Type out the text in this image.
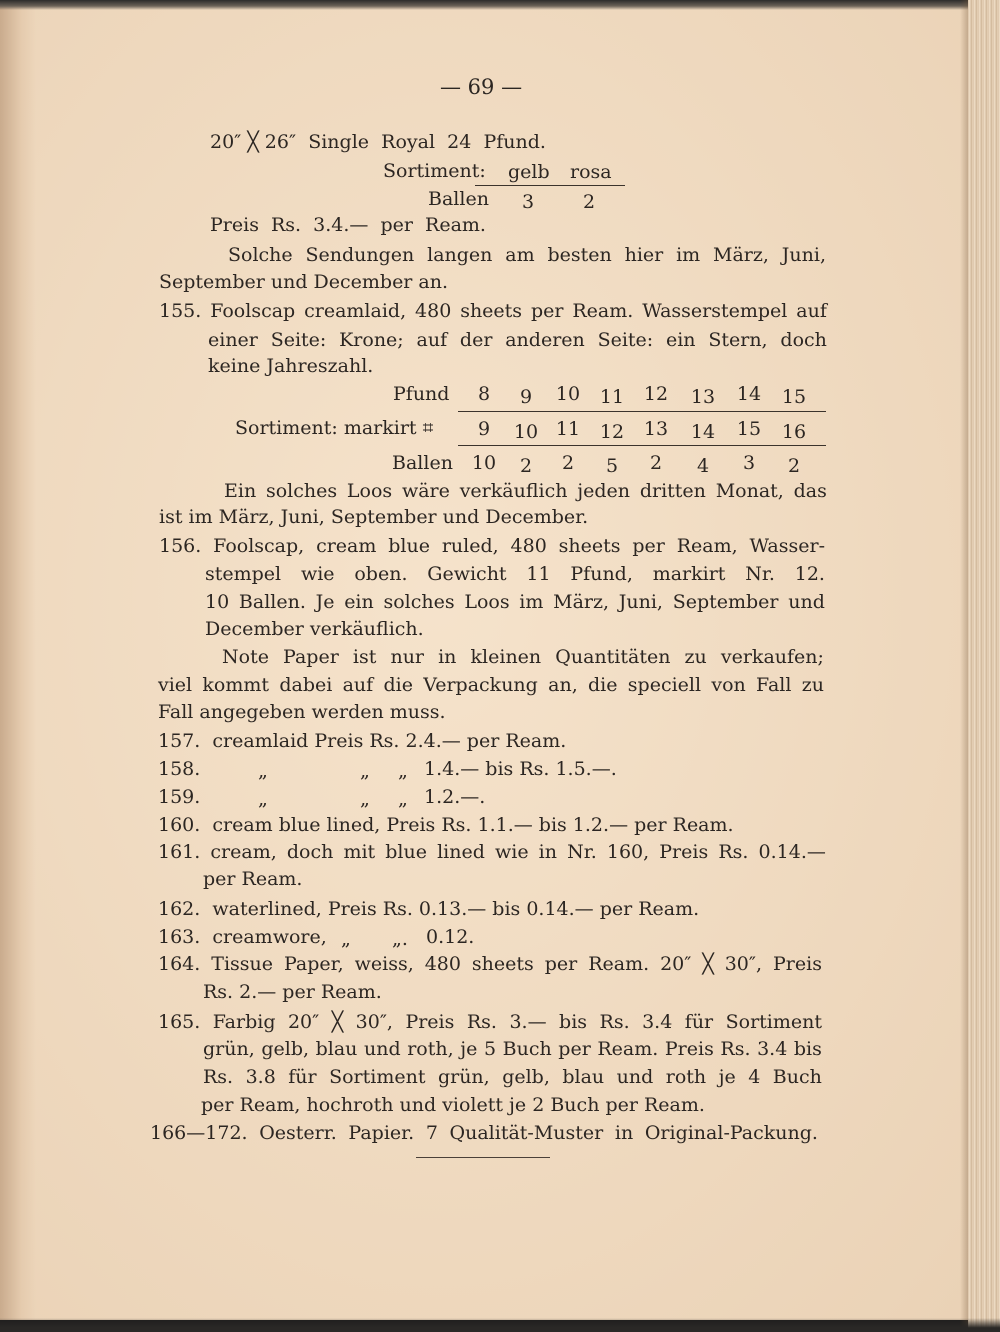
— 69 —
20″ ╳ 26″ Single Royal 24 Pfund.
Sortiment: gelb rosa
Ballen 3	2
Preis Rs. 3.4.— per Ream.
Solche Sendungen langen am besten hier im März, Juni,
September und December an.
155. Foolscap creamlaid, 480 sheets per Ream. Wasserstempel auf
einer Seite: Krone; auf der anderen Seite: ein Stern, doch
keine Jahreszahl.
Pfund	8	9	10	11	12	13	14	15
Sortiment: markirt ⌗	9	10 11	12	13	14	15	16
Ballen 10	2	2	5	2	4	3	2
Ein solches Loos wäre verkäuflich jeden dritten Monat, das
ist im März, Juni, September und December.
156. Foolscap, cream blue ruled, 480 sheets per Ream, Wasser-
stempel wie oben. Gewicht 11 Pfund, markirt Nr. 12.
10 Ballen. Je ein solches Loos im März, Juni, September und
December verkäuflich.
Note Paper ist nur in kleinen Quantitäten zu verkaufen;
viel kommt dabei auf die Verpackung an, die speciell von Fall zu
Fall angegeben werden muss.
157.  creamlaid Preis Rs. 2.4.— per Ream.
158.	„	„ „ 1.4.— bis Rs. 1.5.—.
159.	„	„ „ 1.2.—.
160.  cream blue lined, Preis Rs. 1.1.— bis 1.2.— per Ream.
161. cream, doch mit blue lined wie in Nr. 160, Preis Rs. 0.14.—
per Ream.
162.  waterlined, Preis Rs. 0.13.— bis 0.14.— per Ream.
163.  creamwore, „ „. 0.12.
164. Tissue Paper, weiss, 480 sheets per Ream. 20″ ╳ 30″, Preis
Rs. 2.— per Ream.
165. Farbig 20″ ╳ 30″, Preis Rs. 3.— bis Rs. 3.4 für Sortiment
grün, gelb, blau und roth, je 5 Buch per Ream. Preis Rs. 3.4 bis
Rs. 3.8 für Sortiment grün, gelb, blau und roth je 4 Buch
per Ream, hochroth und violett je 2 Buch per Ream.
166—172. Oesterr. Papier. 7 Qualität-Muster in Original-Packung.
